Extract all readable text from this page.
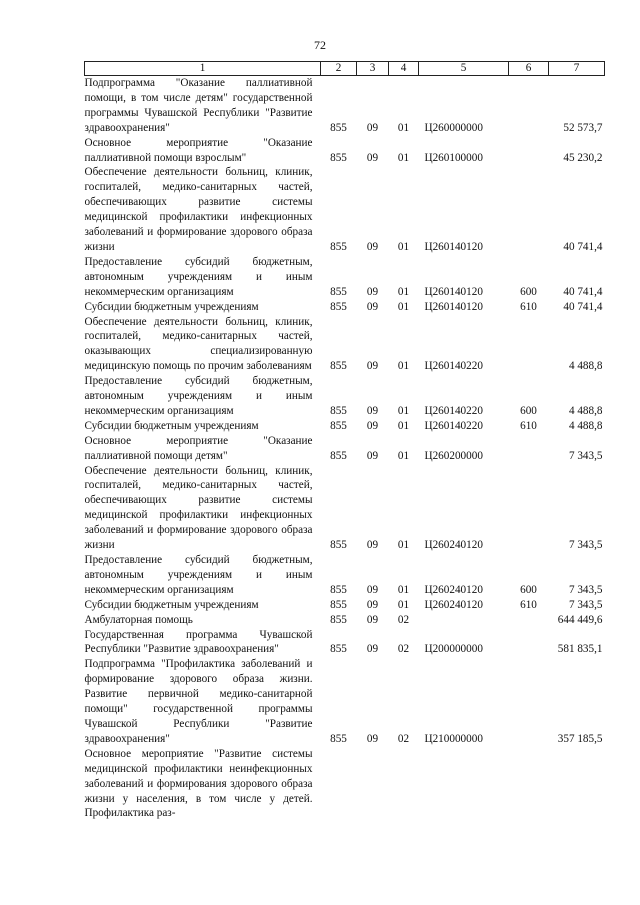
72
1	2	3	4	5	6	7
Подпрограмма "Оказание паллиативной помощи, в том числе детям" государственной программы Чувашской Республики "Развитие здравоохранения"	855	09	01	Ц260000000		52 573,7
Основное мероприятие "Оказание паллиативной помощи взрослым"	855	09	01	Ц260100000		45 230,2
Обеспечение деятельности больниц, клиник, госпиталей, медико-санитарных частей, обеспечивающих развитие системы медицинской профилактики инфекционных заболеваний и формирование здорового образа жизни	855	09	01	Ц260140120		40 741,4
Предоставление субсидий бюджетным, автономным учреждениям и иным некоммерческим организациям	855	09	01	Ц260140120	600	40 741,4
Субсидии бюджетным учреждениям	855	09	01	Ц260140120	610	40 741,4
Обеспечение деятельности больниц, клиник, госпиталей, медико-санитарных частей, оказывающих специализированную медицинскую помощь по прочим заболеваниям	855	09	01	Ц260140220		4 488,8
Предоставление субсидий бюджетным, автономным учреждениям и иным некоммерческим организациям	855	09	01	Ц260140220	600	4 488,8
Субсидии бюджетным учреждениям	855	09	01	Ц260140220	610	4 488,8
Основное мероприятие "Оказание паллиативной помощи детям"	855	09	01	Ц260200000		7 343,5
Обеспечение деятельности больниц, клиник, госпиталей, медико-санитарных частей, обеспечивающих развитие системы медицинской профилактики инфекционных заболеваний и формирование здорового образа жизни	855	09	01	Ц260240120		7 343,5
Предоставление субсидий бюджетным, автономным учреждениям и иным некоммерческим организациям	855	09	01	Ц260240120	600	7 343,5
Субсидии бюджетным учреждениям	855	09	01	Ц260240120	610	7 343,5
Амбулаторная помощь	855	09	02			644 449,6
Государственная программа Чувашской Республики "Развитие здравоохранения"	855	09	02	Ц200000000		581 835,1
Подпрограмма "Профилактика заболеваний и формирование здорового образа жизни. Развитие первичной медико-санитарной помощи" государственной программы Чувашской Республики "Развитие здравоохранения"	855	09	02	Ц210000000		357 185,5
Основное мероприятие "Развитие системы медицинской профилактики неинфекционных заболеваний и формирования здорового образа жизни у населения, в том числе у детей. Профилактика раз-						
